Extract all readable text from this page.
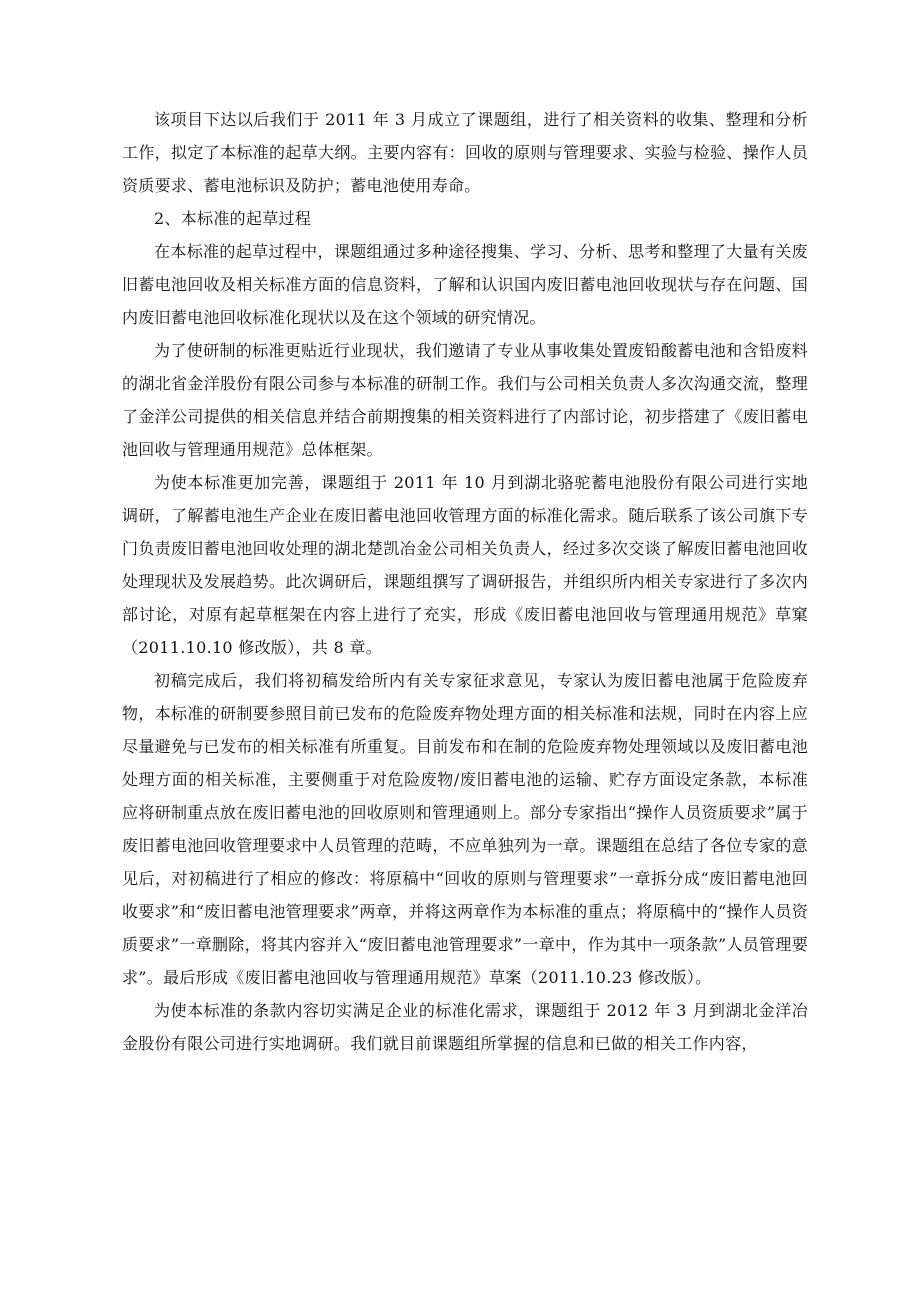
该项目下达以后我们于 2011 年 3 月成立了课题组，进行了相关资料的收集、整理和分析工作，拟定了本标准的起草大纲。主要内容有：回收的原则与管理要求、实验与检验、操作人员资质要求、蓄电池标识及防护；蓄电池使用寿命。

2、本标准的起草过程

在本标准的起草过程中，课题组通过多种途径搜集、学习、分析、思考和整理了大量有关废旧蓄电池回收及相关标准方面的信息资料，了解和认识国内废旧蓄电池回收现状与存在问题、国内废旧蓄电池回收标准化现状以及在这个领域的研究情况。

为了使研制的标准更贴近行业现状，我们邀请了专业从事收集处置废铅酸蓄电池和含铅废料的湖北省金洋股份有限公司参与本标准的研制工作。我们与公司相关负责人多次沟通交流，整理了金洋公司提供的相关信息并结合前期搜集的相关资料进行了内部讨论，初步搭建了《废旧蓄电池回收与管理通用规范》总体框架。

为使本标准更加完善，课题组于 2011 年 10 月到湖北骆驼蓄电池股份有限公司进行实地调研，了解蓄电池生产企业在废旧蓄电池回收管理方面的标准化需求。随后联系了该公司旗下专门负责废旧蓄电池回收处理的湖北楚凯冶金公司相关负责人，经过多次交谈了解废旧蓄电池回收处理现状及发展趋势。此次调研后，课题组撰写了调研报告，并组织所内相关专家进行了多次内部讨论，对原有起草框架在内容上进行了充实，形成《废旧蓄电池回收与管理通用规范》草窠（2011.10.10 修改版），共 8 章。

初稿完成后，我们将初稿发给所内有关专家征求意见，专家认为废旧蓄电池属于危险废弃物，本标准的研制要参照目前已发布的危险废弃物处理方面的相关标准和法规，同时在内容上应尽量避免与已发布的相关标准有所重复。目前发布和在制的危险废弃物处理领域以及废旧蓄电池处理方面的相关标准，主要侧重于对危险废物/废旧蓄电池的运输、贮存方面设定条款，本标准应将研制重点放在废旧蓄电池的回收原则和管理通则上。部分专家指出“操作人员资质要求”属于废旧蓄电池回收管理要求中人员管理的范畴，不应单独列为一章。课题组在总结了各位专家的意见后，对初稿进行了相应的修改：将原稿中“回收的原则与管理要求”一章拆分成“废旧蓄电池回收要求”和“废旧蓄电池管理要求”两章，并将这两章作为本标准的重点；将原稿中的“操作人员资质要求”一章删除，将其内容并入“废旧蓄电池管理要求”一章中，作为其中一项条款”人员管理要求”。最后形成《废旧蓄电池回收与管理通用规范》草案（2011.10.23 修改版）。

为使本标准的条款内容切实满足企业的标准化需求，课题组于 2012 年 3 月到湖北金洋冶金股份有限公司进行实地调研。我们就目前课题组所掌握的信息和已做的相关工作内容，
